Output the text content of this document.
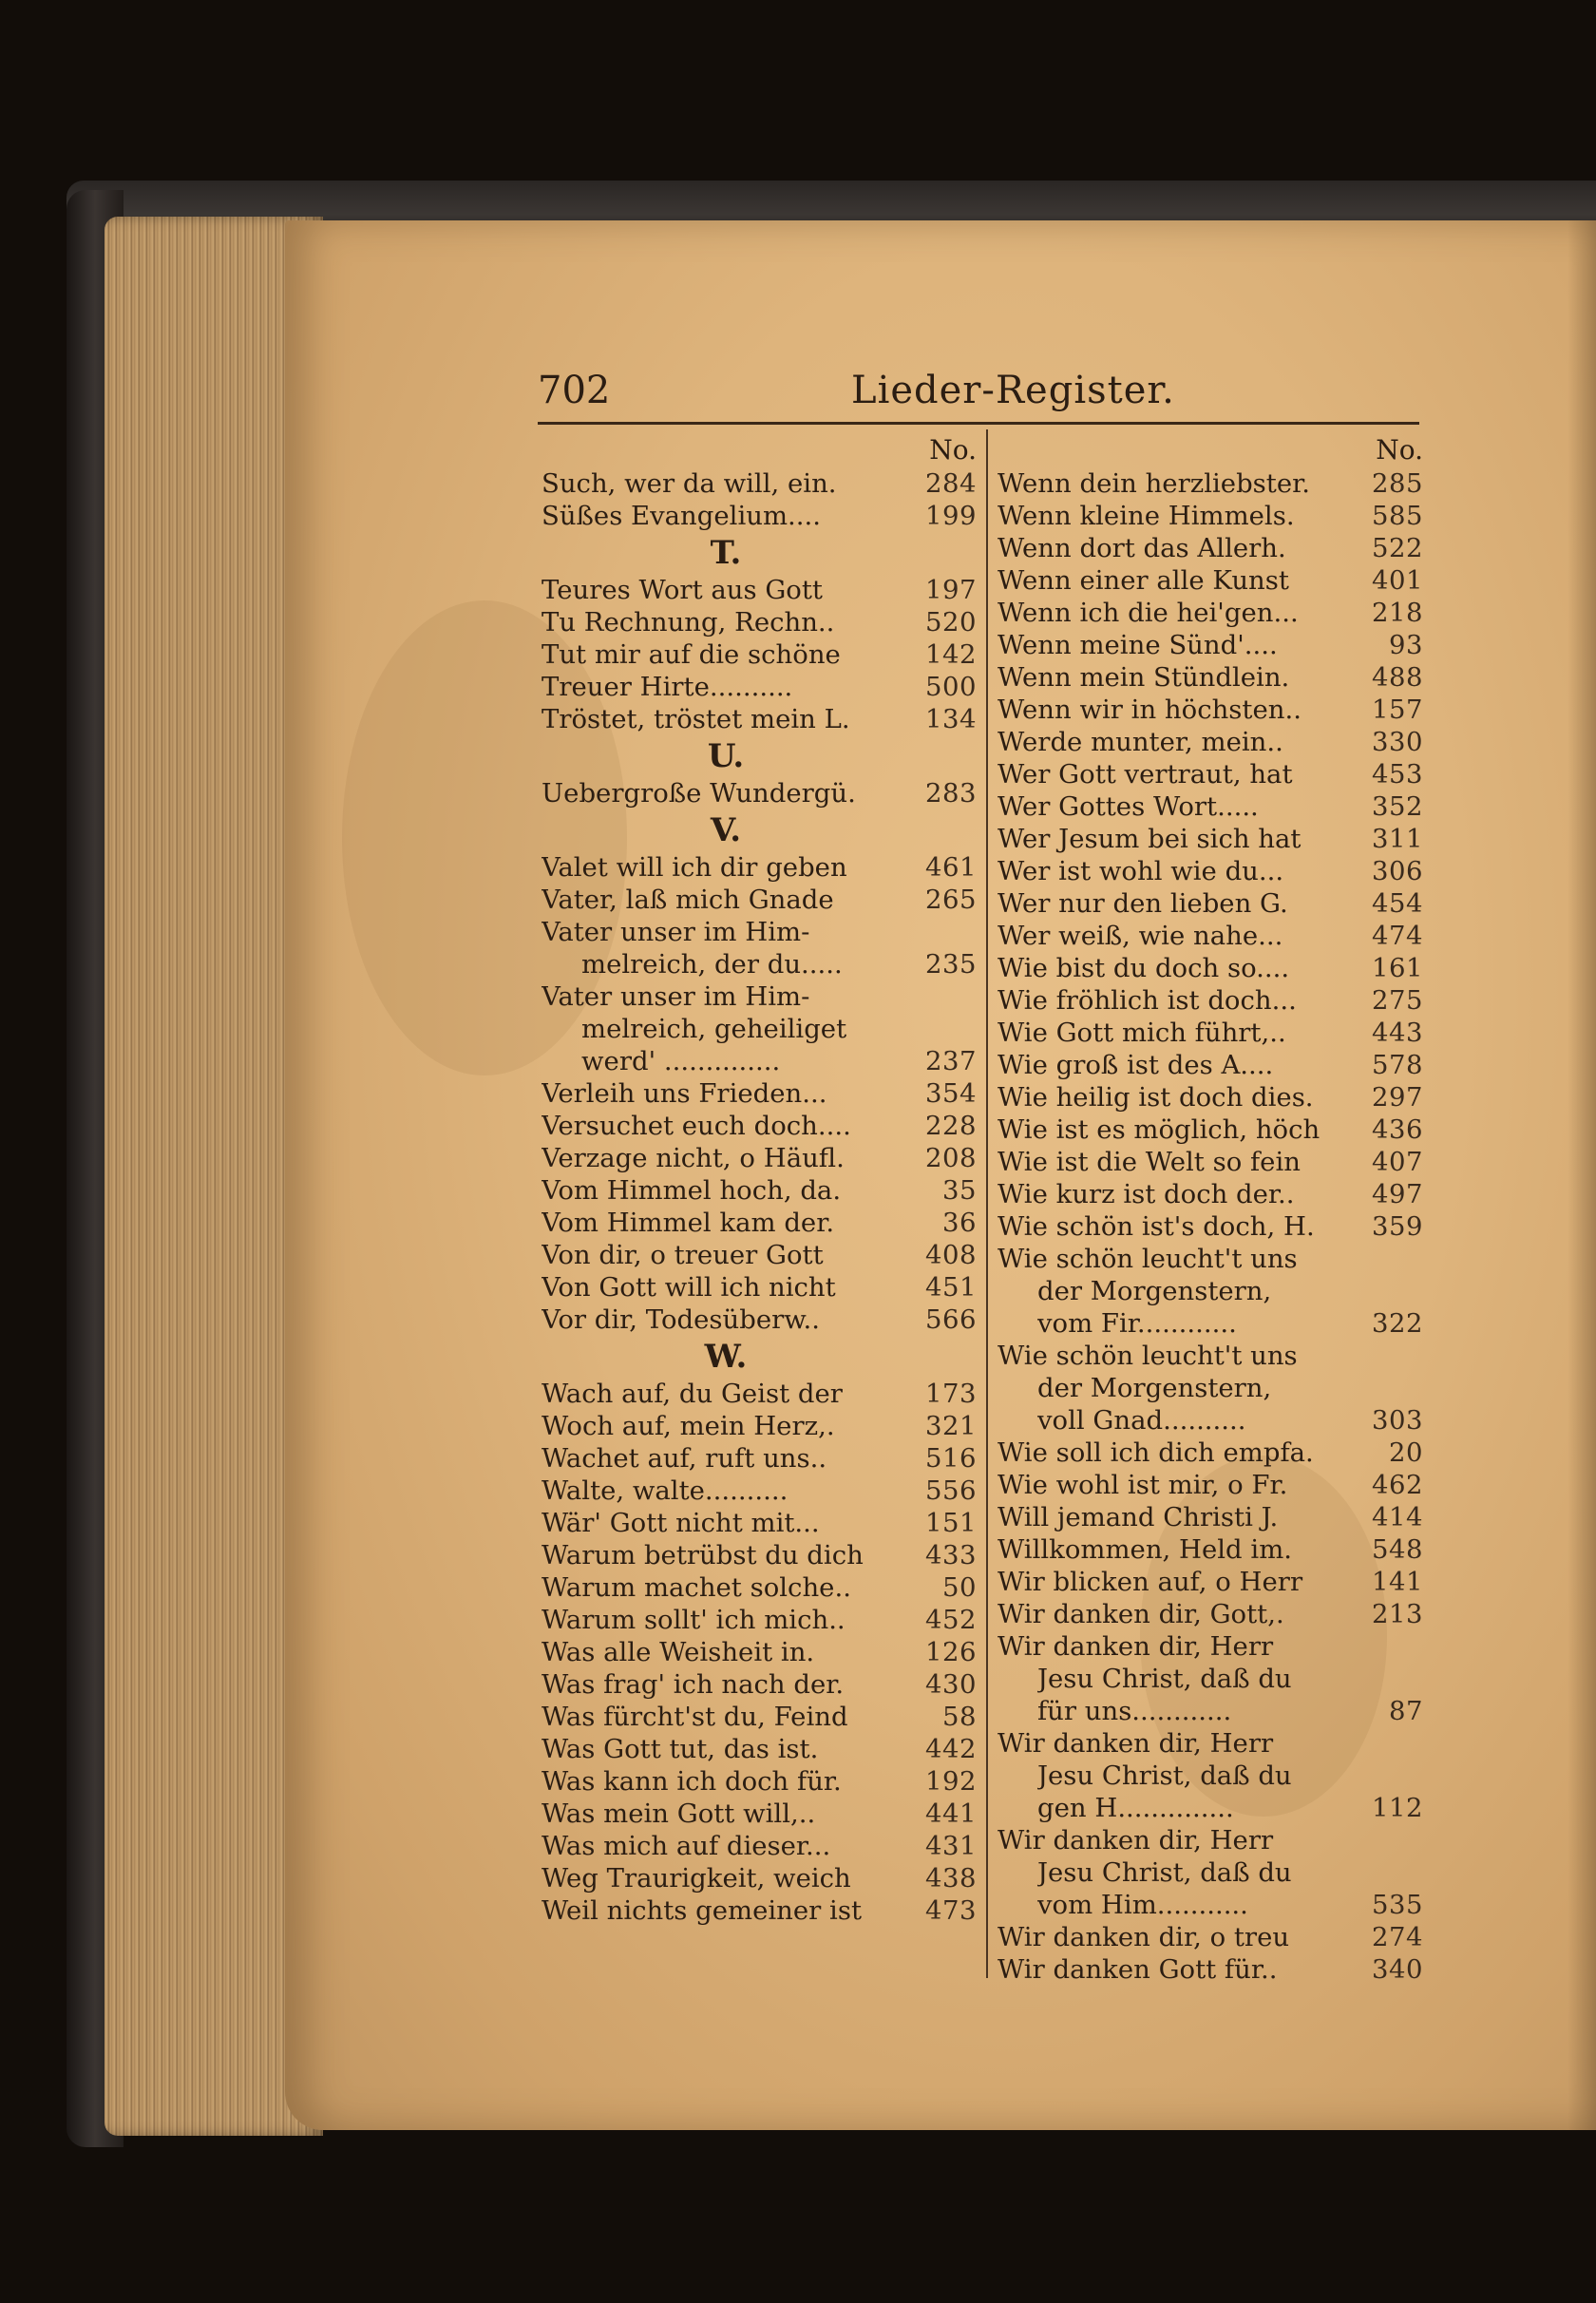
702	Lieder-Register.
No.
Such, wer da will, ein.	284
Süßes Evangelium....	199
T.
Teures Wort aus Gott	197
Tu Rechnung, Rechn..	520
Tut mir auf die schöne	142
Treuer Hirte..........	500
Tröstet, tröstet mein L.	134
U.
Uebergroße Wundergü.	283
V.
Valet will ich dir geben	461
Vater, laß mich Gnade	265
Vater unser im Him-
melreich, der du.....	235
Vater unser im Him-
melreich, geheiliget
werd' ..............	237
Verleih uns Frieden...	354
Versuchet euch doch....	228
Verzage nicht, o Häufl.	208
Vom Himmel hoch, da.	35
Vom Himmel kam der.	36
Von dir, o treuer Gott	408
Von Gott will ich nicht	451
Vor dir, Todesüberw..	566
W.
Wach auf, du Geist der	173
Woch auf, mein Herz,.	321
Wachet auf, ruft uns..	516
Walte, walte..........	556
Wär' Gott nicht mit...	151
Warum betrübst du dich	433
Warum machet solche..	50
Warum sollt' ich mich..	452
Was alle Weisheit in.	126
Was frag' ich nach der.	430
Was fürcht'st du, Feind	58
Was Gott tut, das ist.	442
Was kann ich doch für.	192
Was mein Gott will,..	441
Was mich auf dieser...	431
Weg Traurigkeit, weich	438
Weil nichts gemeiner ist	473
No.
Wenn dein herzliebster.	285
Wenn kleine Himmels.	585
Wenn dort das Allerh.	522
Wenn einer alle Kunst	401
Wenn ich die hei'gen...	218
Wenn meine Sünd'....	93
Wenn mein Stündlein.	488
Wenn wir in höchsten..	157
Werde munter, mein..	330
Wer Gott vertraut, hat	453
Wer Gottes Wort.....	352
Wer Jesum bei sich hat	311
Wer ist wohl wie du...	306
Wer nur den lieben G.	454
Wer weiß, wie nahe...	474
Wie bist du doch so....	161
Wie fröhlich ist doch...	275
Wie Gott mich führt,..	443
Wie groß ist des A....	578
Wie heilig ist doch dies.	297
Wie ist es möglich, höch	436
Wie ist die Welt so fein	407
Wie kurz ist doch der..	497
Wie schön ist's doch, H.	359
Wie schön leucht't uns
der Morgenstern,
vom Fir............	322
Wie schön leucht't uns
der Morgenstern,
voll Gnad..........	303
Wie soll ich dich empfa.	20
Wie wohl ist mir, o Fr.	462
Will jemand Christi J.	414
Willkommen, Held im.	548
Wir blicken auf, o Herr	141
Wir danken dir, Gott,.	213
Wir danken dir, Herr
Jesu Christ, daß du
für uns............	87
Wir danken dir, Herr
Jesu Christ, daß du
gen H..............	112
Wir danken dir, Herr
Jesu Christ, daß du
vom Him...........	535
Wir danken dir, o treu	274
Wir danken Gott für..	340
